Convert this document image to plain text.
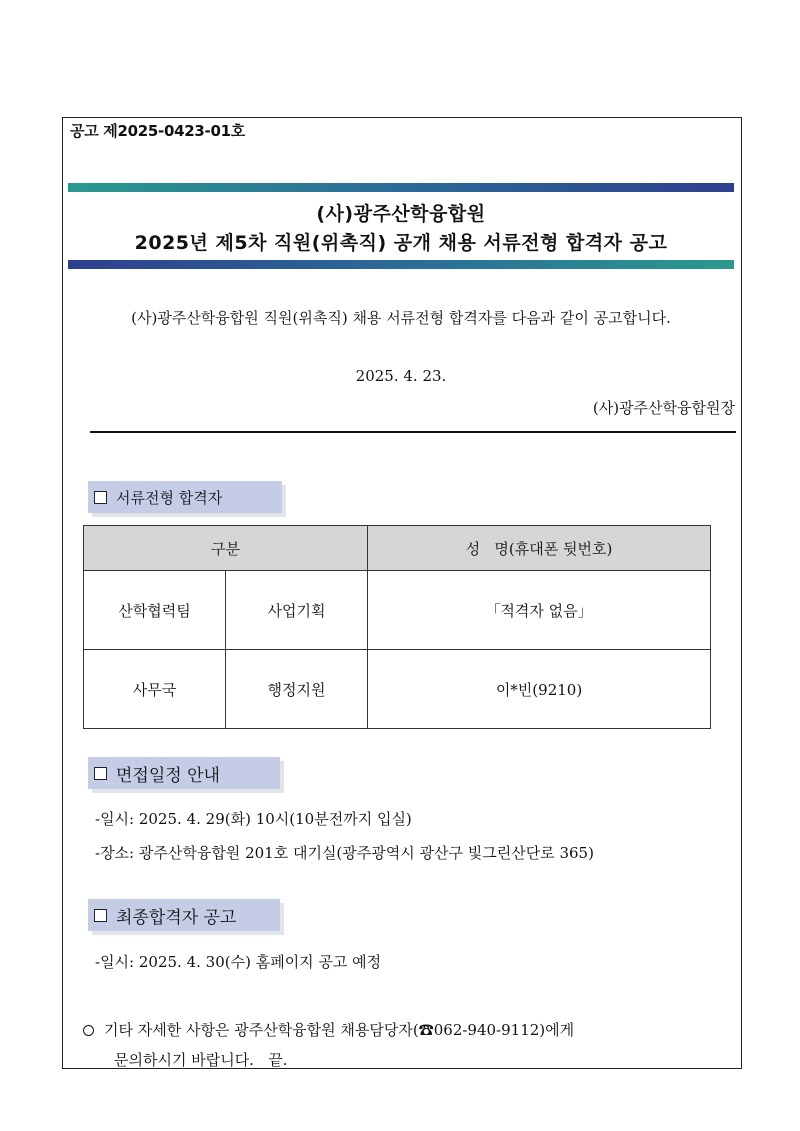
공고 제2025-0423-01호
(사)광주산학융합원
2025년 제5차 직원(위촉직) 공개 채용 서류전형 합격자 공고
(사)광주산학융합원 직원(위촉직) 채용 서류전형 합격자를 다음과 같이 공고합니다.
2025. 4. 23.
(사)광주산학융합원장
서류전형 합격자
구분		성   명(휴대폰 뒷번호)
산학협력팀	사업기획	「적격자 없음」
사무국	행정지원	이*빈(9210)
면접일정 안내
-일시: 2025. 4. 29(화) 10시(10분전까지 입실)
-장소: 광주산학융합원 201호 대기실(광주광역시 광산구 빛그린산단로 365)
최종합격자 공고
-일시: 2025. 4. 30(수) 홈페이지 공고 예정
기타 자세한 사항은 광주산학융합원 채용담당자(☎062-940-9112)에게
문의하시기 바랍니다.   끝.
